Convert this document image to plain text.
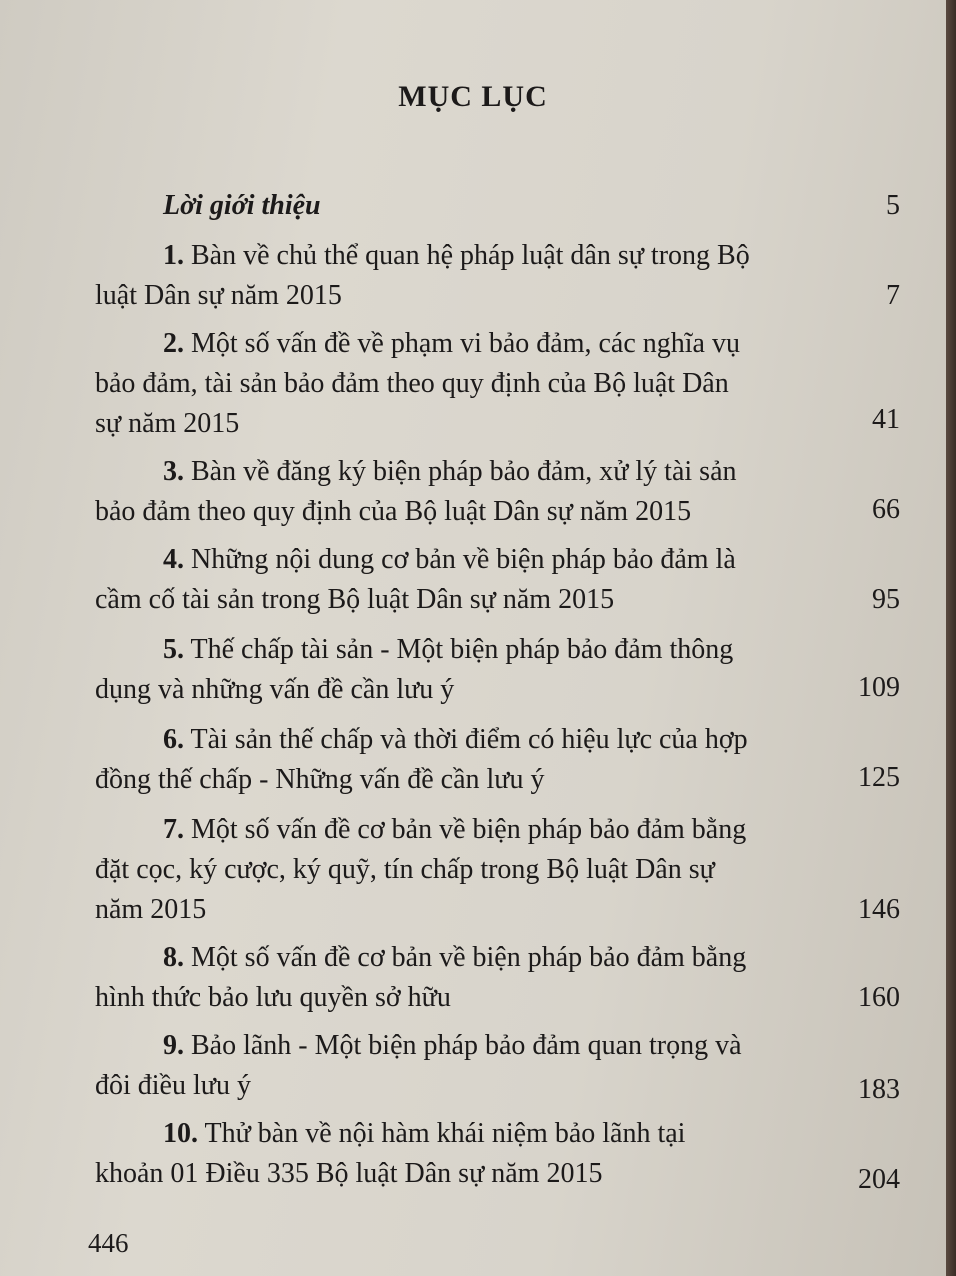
MỤC LỤC
Lời giới thiệu	5
1. Bàn về chủ thể quan hệ pháp luật dân sự trong Bộ
luật Dân sự năm 2015	7
2. Một số vấn đề về phạm vi bảo đảm, các nghĩa vụ
bảo đảm, tài sản bảo đảm theo quy định của Bộ luật Dân
sự năm 2015	41
3. Bàn về đăng ký biện pháp bảo đảm, xử lý tài sản
bảo đảm theo quy định của Bộ luật Dân sự năm 2015	66
4. Những nội dung cơ bản về biện pháp bảo đảm là
cầm cố tài sản trong Bộ luật Dân sự năm 2015	95
5. Thế chấp tài sản - Một biện pháp bảo đảm thông
dụng và những vấn đề cần lưu ý	109
6. Tài sản thế chấp và thời điểm có hiệu lực của hợp
đồng thế chấp - Những vấn đề cần lưu ý	125
7. Một số vấn đề cơ bản về biện pháp bảo đảm bằng
đặt cọc, ký cược, ký quỹ, tín chấp trong Bộ luật Dân sự
năm 2015	146
8. Một số vấn đề cơ bản về biện pháp bảo đảm bằng
hình thức bảo lưu quyền sở hữu	160
9. Bảo lãnh - Một biện pháp bảo đảm quan trọng và
đôi điều lưu ý	183
10. Thử bàn về nội hàm khái niệm bảo lãnh tại
khoản 01 Điều 335 Bộ luật Dân sự năm 2015	204
446
